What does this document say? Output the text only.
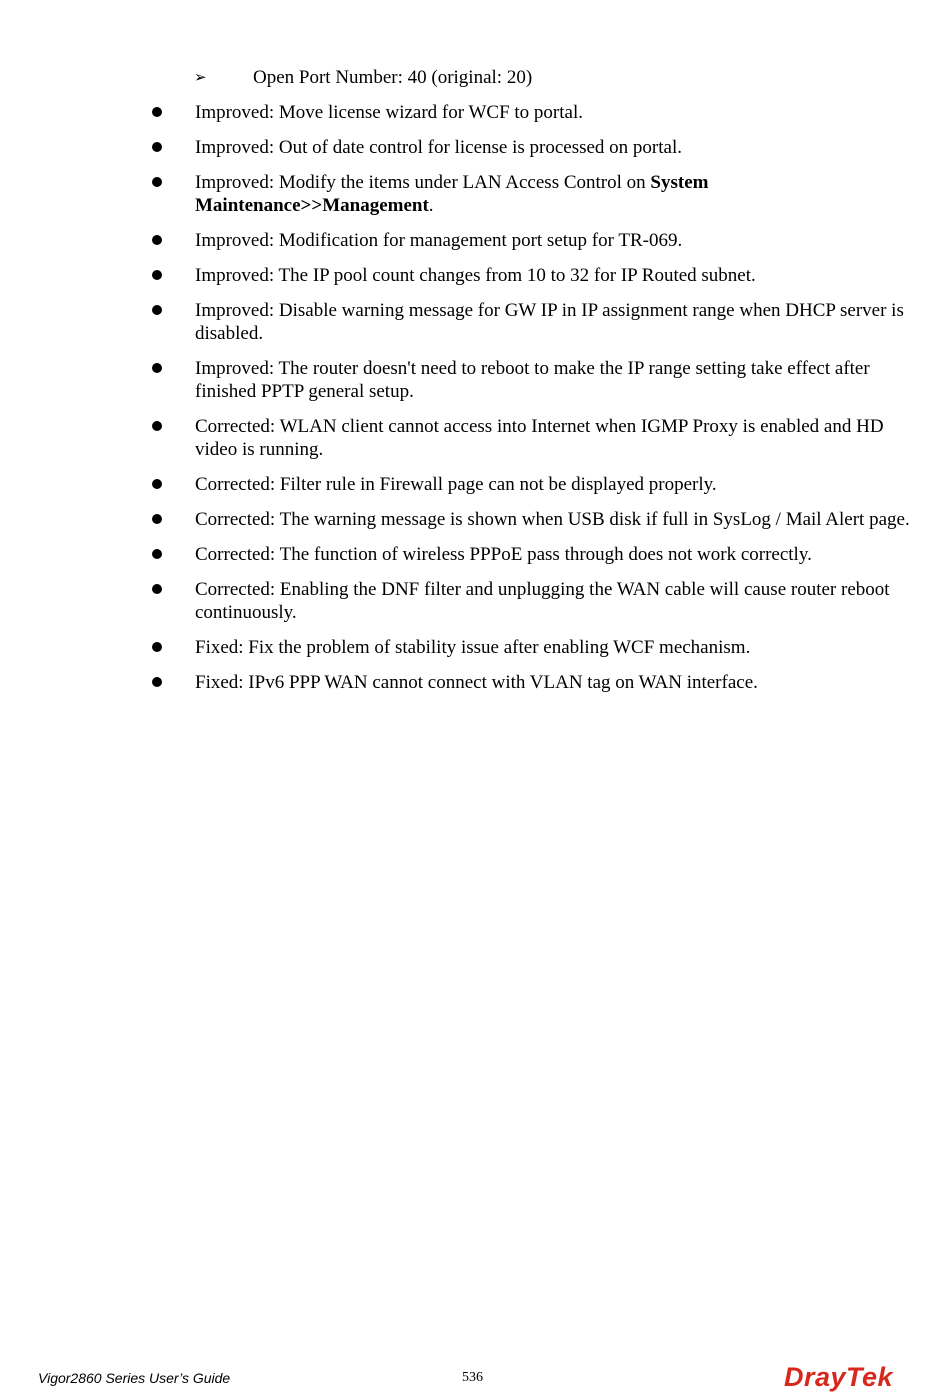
➢	Open Port Number: 40 (original: 20)
Improved: Move license wizard for WCF to portal.
Improved: Out of date control for license is processed on portal.
Improved: Modify the items under LAN Access Control on System Maintenance>>Management.
Improved: Modification for management port setup for TR-069.
Improved: The IP pool count changes from 10 to 32 for IP Routed subnet.
Improved: Disable warning message for GW IP in IP assignment range when DHCP server is disabled.
Improved: The router doesn't need to reboot to make the IP range setting take effect after finished PPTP general setup.
Corrected: WLAN client cannot access into Internet when IGMP Proxy is enabled and HD video is running.
Corrected: Filter rule in Firewall page can not be displayed properly.
Corrected: The warning message is shown when USB disk if full in SysLog / Mail Alert page.
Corrected: The function of wireless PPPoE pass through does not work correctly.
Corrected: Enabling the DNF filter and unplugging the WAN cable will cause router reboot continuously.
Fixed: Fix the problem of stability issue after enabling WCF mechanism.
Fixed: IPv6 PPP WAN cannot connect with VLAN tag on WAN interface.
Vigor2860 Series User’s Guide	536	DrayTek
